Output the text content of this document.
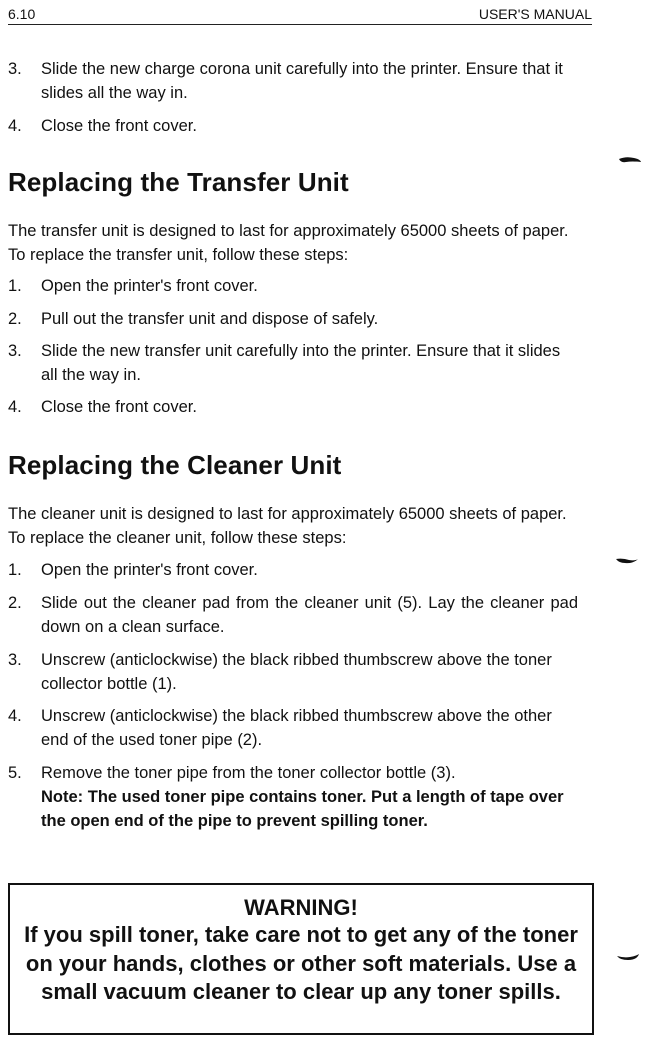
6.10	USER'S MANUAL
3. Slide the new charge corona unit carefully into the printer. Ensure that it slides all the way in.
4. Close the front cover.
Replacing the Transfer Unit
The transfer unit is designed to last for approximately 65000 sheets of paper. To replace the transfer unit, follow these steps:
1. Open the printer's front cover.
2. Pull out the transfer unit and dispose of safely.
3. Slide the new transfer unit carefully into the printer. Ensure that it slides all the way in.
4. Close the front cover.
Replacing the Cleaner Unit
The cleaner unit is designed to last for approximately 65000 sheets of paper. To replace the cleaner unit, follow these steps:
1. Open the printer's front cover.
2. Slide out the cleaner pad from the cleaner unit (5). Lay the cleaner pad down on a clean surface.
3. Unscrew (anticlockwise) the black ribbed thumbscrew above the toner collector bottle (1).
4. Unscrew (anticlockwise) the black ribbed thumbscrew above the other end of the used toner pipe (2).
5. Remove the toner pipe from the toner collector bottle (3).
Note: The used toner pipe contains toner. Put a length of tape over the open end of the pipe to prevent spilling toner.
WARNING!
If you spill toner, take care not to get any of the toner on your hands, clothes or other soft materials. Use a small vacuum cleaner to clear up any toner spills.
